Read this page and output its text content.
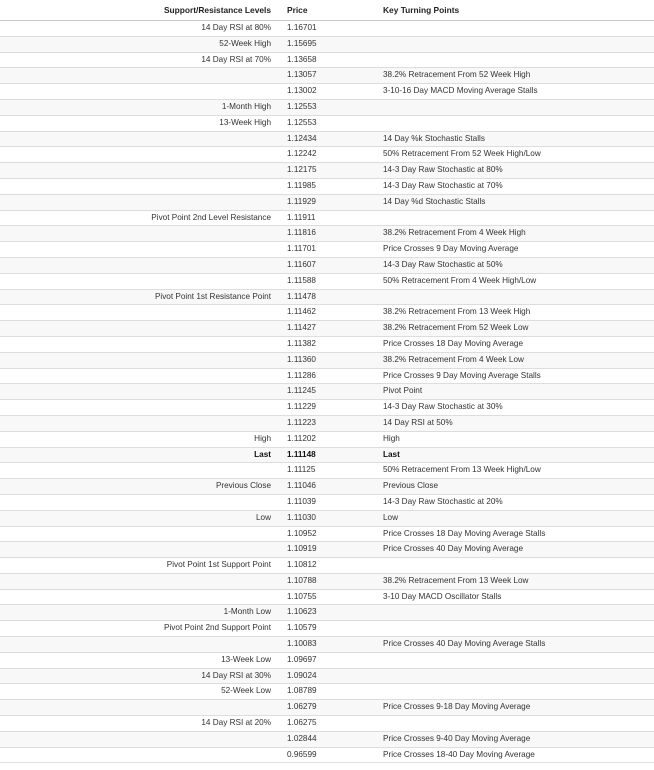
Support/Resistance Levels	Price	Key Turning Points
14 Day RSI at 80%	1.16701	
52-Week High	1.15695	
14 Day RSI at 70%	1.13658	
	1.13057	38.2% Retracement From 52 Week High
	1.13002	3-10-16 Day MACD Moving Average Stalls
1-Month High	1.12553	
13-Week High	1.12553	
	1.12434	14 Day %k Stochastic Stalls
	1.12242	50% Retracement From 52 Week High/Low
	1.12175	14-3 Day Raw Stochastic at 80%
	1.11985	14-3 Day Raw Stochastic at 70%
	1.11929	14 Day %d Stochastic Stalls
Pivot Point 2nd Level Resistance	1.11911	
	1.11816	38.2% Retracement From 4 Week High
	1.11701	Price Crosses 9 Day Moving Average
	1.11607	14-3 Day Raw Stochastic at 50%
	1.11588	50% Retracement From 4 Week High/Low
Pivot Point 1st Resistance Point	1.11478	
	1.11462	38.2% Retracement From 13 Week High
	1.11427	38.2% Retracement From 52 Week Low
	1.11382	Price Crosses 18 Day Moving Average
	1.11360	38.2% Retracement From 4 Week Low
	1.11286	Price Crosses 9 Day Moving Average Stalls
	1.11245	Pivot Point
	1.11229	14-3 Day Raw Stochastic at 30%
	1.11223	14 Day RSI at 50%
High	1.11202	High
Last	1.11148	Last
	1.11125	50% Retracement From 13 Week High/Low
Previous Close	1.11046	Previous Close
	1.11039	14-3 Day Raw Stochastic at 20%
Low	1.11030	Low
	1.10952	Price Crosses 18 Day Moving Average Stalls
	1.10919	Price Crosses 40 Day Moving Average
Pivot Point 1st Support Point	1.10812	
	1.10788	38.2% Retracement From 13 Week Low
	1.10755	3-10 Day MACD Oscillator Stalls
1-Month Low	1.10623	
Pivot Point 2nd Support Point	1.10579	
	1.10083	Price Crosses 40 Day Moving Average Stalls
13-Week Low	1.09697	
14 Day RSI at 30%	1.09024	
52-Week Low	1.08789	
	1.06279	Price Crosses 9-18 Day Moving Average
14 Day RSI at 20%	1.06275	
	1.02844	Price Crosses 9-40 Day Moving Average
	0.96599	Price Crosses 18-40 Day Moving Average
